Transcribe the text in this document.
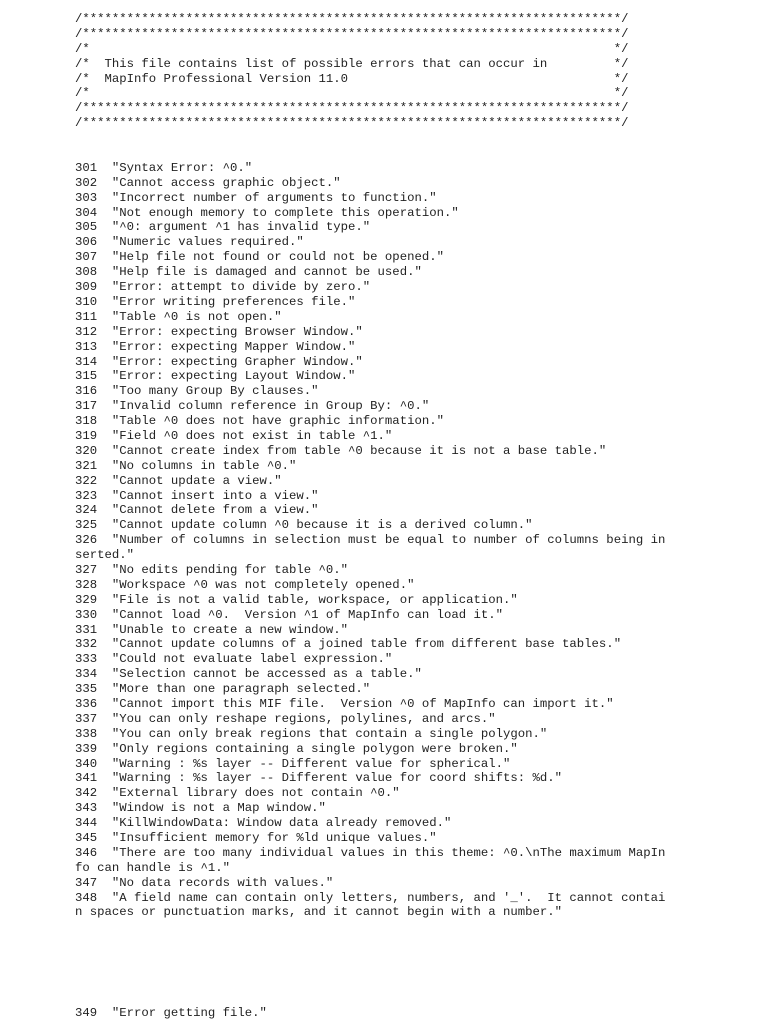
/*************************************************************************/
/*************************************************************************/
/*                                                                       */
/*  This file contains list of possible errors that can occur in         */
/*  MapInfo Professional Version 11.0                                    */
/*                                                                       */
/*************************************************************************/
/*************************************************************************/
301  "Syntax Error: ^0."
302  "Cannot access graphic object."
303  "Incorrect number of arguments to function."
304  "Not enough memory to complete this operation."
305  "^0: argument ^1 has invalid type."
306  "Numeric values required."
307  "Help file not found or could not be opened."
308  "Help file is damaged and cannot be used."
309  "Error: attempt to divide by zero."
310  "Error writing preferences file."
311  "Table ^0 is not open."
312  "Error: expecting Browser Window."
313  "Error: expecting Mapper Window."
314  "Error: expecting Grapher Window."
315  "Error: expecting Layout Window."
316  "Too many Group By clauses."
317  "Invalid column reference in Group By: ^0."
318  "Table ^0 does not have graphic information."
319  "Field ^0 does not exist in table ^1."
320  "Cannot create index from table ^0 because it is not a base table."
321  "No columns in table ^0."
322  "Cannot update a view."
323  "Cannot insert into a view."
324  "Cannot delete from a view."
325  "Cannot update column ^0 because it is a derived column."
326  "Number of columns in selection must be equal to number of columns being in
serted."
327  "No edits pending for table ^0."
328  "Workspace ^0 was not completely opened."
329  "File is not a valid table, workspace, or application."
330  "Cannot load ^0.  Version ^1 of MapInfo can load it."
331  "Unable to create a new window."
332  "Cannot update columns of a joined table from different base tables."
333  "Could not evaluate label expression."
334  "Selection cannot be accessed as a table."
335  "More than one paragraph selected."
336  "Cannot import this MIF file.  Version ^0 of MapInfo can import it."
337  "You can only reshape regions, polylines, and arcs."
338  "You can only break regions that contain a single polygon."
339  "Only regions containing a single polygon were broken."
340  "Warning : %s layer -- Different value for spherical."
341  "Warning : %s layer -- Different value for coord shifts: %d."
342  "External library does not contain ^0."
343  "Window is not a Map window."
344  "KillWindowData: Window data already removed."
345  "Insufficient memory for %ld unique values."
346  "There are too many individual values in this theme: ^0.\nThe maximum MapIn
fo can handle is ^1."
347  "No data records with values."
348  "A field name can contain only letters, numbers, and '_'.  It cannot contai
n spaces or punctuation marks, and it cannot begin with a number."
349  "Error getting file."
